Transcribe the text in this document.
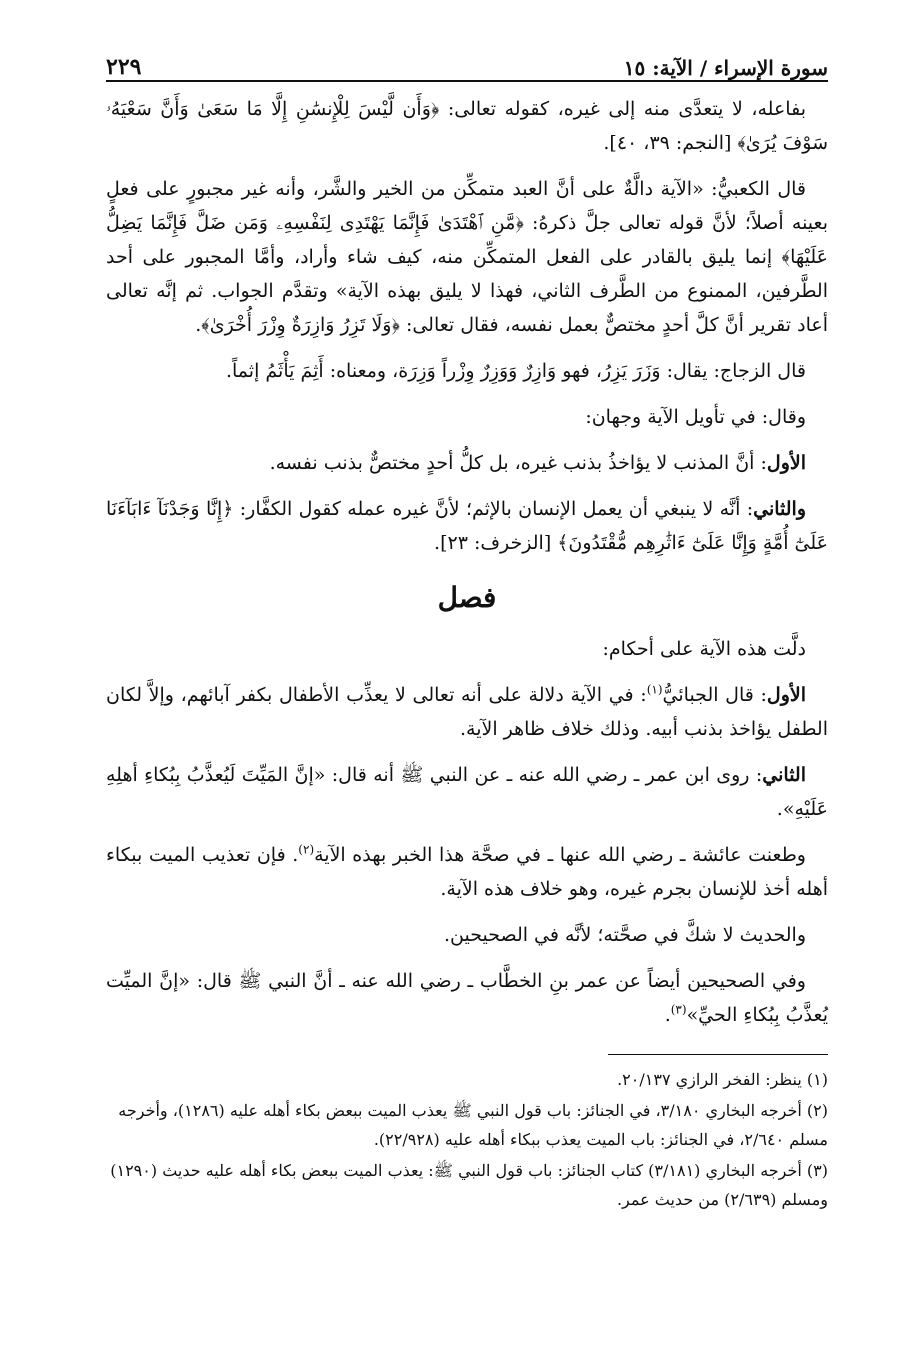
سورة الإسراء / الآية: ١٥
٢٢٩

بفاعله، لا يتعدَّى منه إلى غيره، كقوله تعالى: ﴿وَأَن لَّيْسَ لِلْإِنسَٰنِ إِلَّا مَا سَعَىٰ وَأَنَّ سَعْيَهُۥ سَوْفَ يُرَىٰ﴾ [النجم: ٣٩، ٤٠].

قال الكعبيُّ: «الآية دالَّةٌ على أنَّ العبد متمكِّن من الخير والشَّر، وأنه غير مجبورٍ على فعلٍ بعينه أصلاً؛ لأنَّ قوله تعالى جلَّ ذكرهُ: ﴿مَّنِ ٱهْتَدَىٰ فَإِنَّمَا يَهْتَدِى لِنَفْسِهِۦ وَمَن ضَلَّ فَإِنَّمَا يَضِلُّ عَلَيْهَا﴾ إنما يليق بالقادر على الفعل المتمكِّن منه، كيف شاء وأراد، وأمَّا المجبور على أحد الطَّرفين، الممنوع من الطَّرف الثاني، فهذا لا يليق بهذه الآية» وتقدَّم الجواب. ثم إنَّه تعالى أعاد تقرير أنَّ كلَّ أحدٍ مختصٌّ بعمل نفسه، فقال تعالى: ﴿وَلَا تَزِرُ وَازِرَةٌ وِزْرَ أُخْرَىٰ﴾.

قال الزجاج: يقال: وَزَرَ يَزِرُ، فهو وَازِرٌ وَوَزِرٌ وِزْراً وَزِرَة، ومعناه: أَثِمَ يَأْثَمُ إثماً.

وقال: في تأويل الآية وجهان:

الأول: أنَّ المذنب لا يؤاخذُ بذنب غيره، بل كلُّ أحدٍ مختصٌّ بذنب نفسه.

والثاني: أنَّه لا ينبغي أن يعمل الإنسان بالإثم؛ لأنَّ غيره عمله كقول الكفَّار: ﴿إِنَّا وَجَدْنَآ ءَابَآءَنَا عَلَىٰٓ أُمَّةٍ وَإِنَّا عَلَىٰٓ ءَاثَٰرِهِم مُّقْتَدُونَ﴾ [الزخرف: ٢٣].

فصل

دلَّت هذه الآية على أحكام:

الأول: قال الجبائيُّ$^{(١)}$: في الآية دلالة على أنه تعالى لا يعذِّب الأطفال بكفر آبائهم، وإلاَّ لكان الطفل يؤاخذ بذنب أبيه. وذلك خلاف ظاهر الآية.

الثاني: روى ابن عمر ـ رضي الله عنه ـ عن النبي ﷺ أنه قال: «إنَّ المَيِّتَ لَيُعذَّبُ بِبُكاءِ أهلِهِ عَلَيْهِ».

وطعنت عائشة ـ رضي الله عنها ـ في صحَّة هذا الخبر بهذه الآية$^{(٢)}$. فإن تعذيب الميت ببكاء أهله أخذ للإنسان بجرم غيره، وهو خلاف هذه الآية.

والحديث لا شكَّ في صحَّته؛ لأنَّه في الصحيحين.

وفي الصحيحين أيضاً عن عمر بنِ الخطَّاب ـ رضي الله عنه ـ أنَّ النبي ﷺ قال: «إنَّ الميِّت يُعذَّبُ بِبُكاءِ الحيِّ»$^{(٣)}$.

(١) ينظر: الفخر الرازي ٢٠/١٣٧.

(٢) أخرجه البخاري ٣/١٨٠، في الجنائز: باب قول النبي ﷺ يعذب الميت ببعض بكاء أهله عليه (١٢٨٦)، وأخرجه مسلم ٢/٦٤٠، في الجنائز: باب الميت يعذب ببكاء أهله عليه (٢٢/٩٢٨).

(٣) أخرجه البخاري (٣/١٨١) كتاب الجنائز: باب قول النبي ﷺ: يعذب الميت ببعض بكاء أهله عليه حديث (١٢٩٠) ومسلم (٢/٦٣٩) من حديث عمر.
